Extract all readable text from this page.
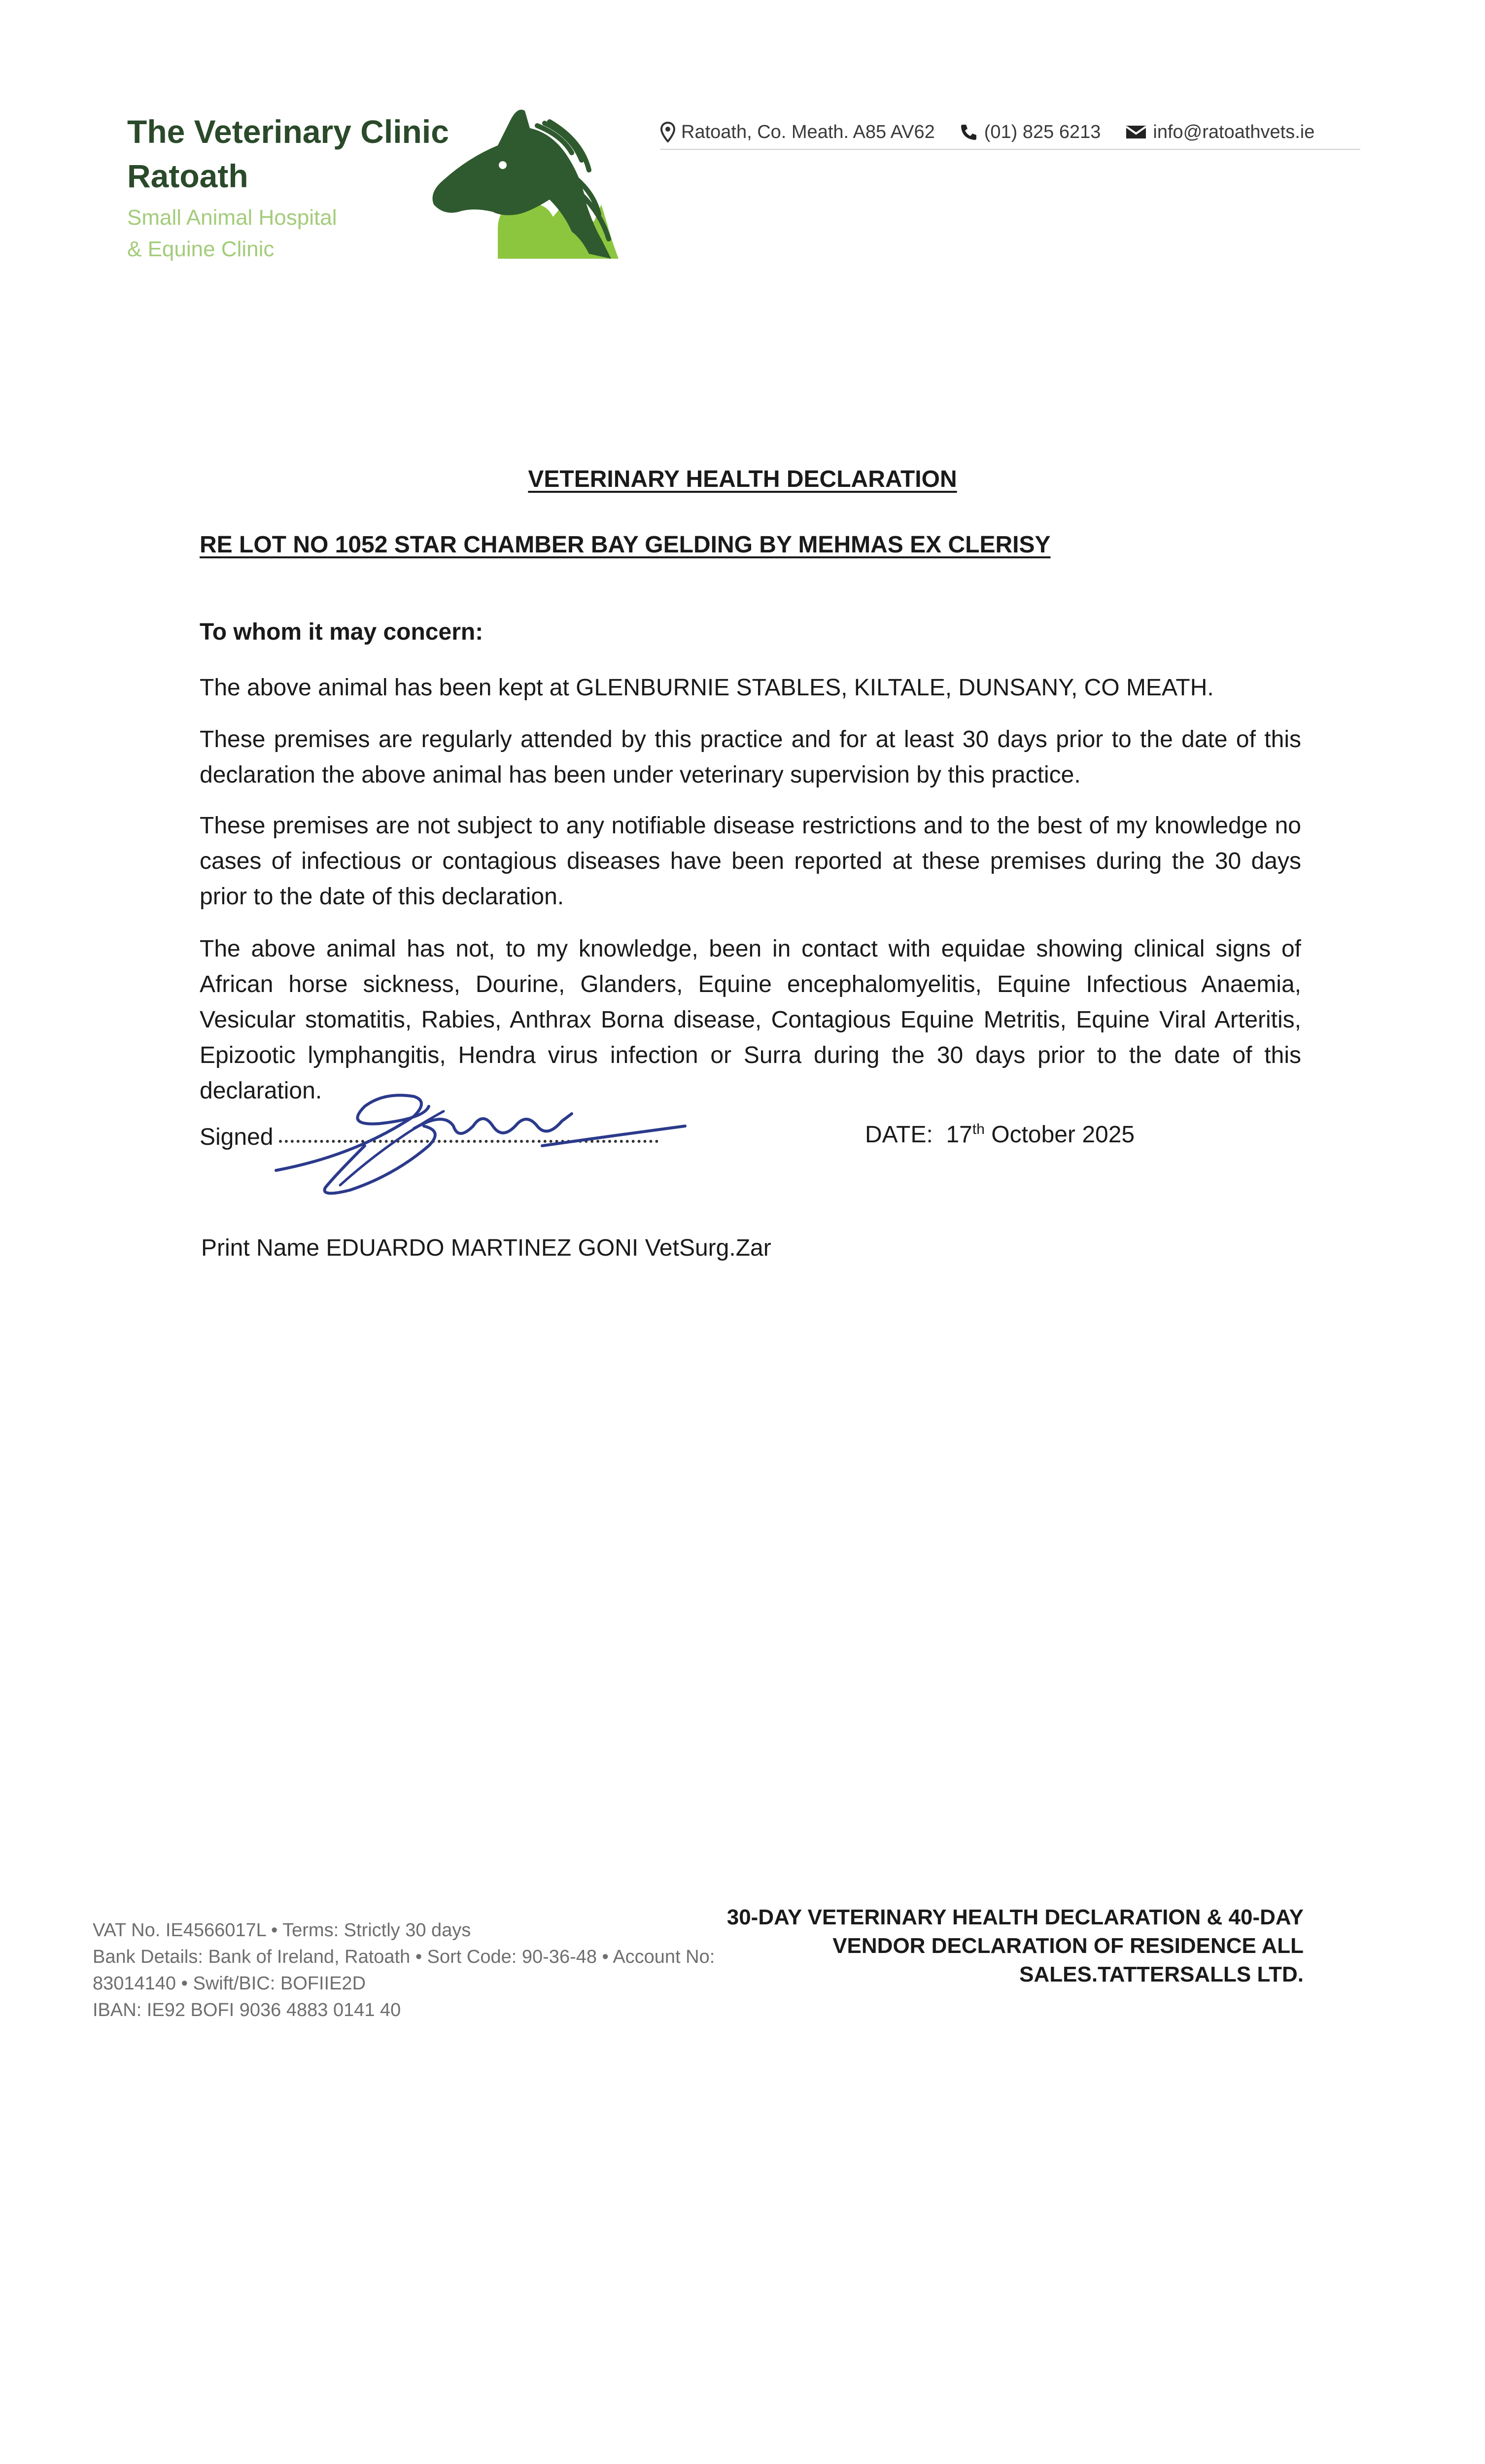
The Veterinary Clinic
Ratoath
Small Animal Hospital
& Equine Clinic
Ratoath, Co. Meath. A85 AV62	(01) 825 6213	info@ratoathvets.ie
VETERINARY HEALTH DECLARATION
RE LOT NO 1052 STAR CHAMBER BAY GELDING BY MEHMAS EX CLERISY
To whom it may concern:
The above animal has been kept at GLENBURNIE STABLES, KILTALE, DUNSANY, CO MEATH.
These premises are regularly attended by this practice and for at least 30 days prior to the date of this declaration the above animal has been under veterinary supervision by this practice.
These premises are not subject to any notifiable disease restrictions and to the best of my knowledge no cases of infectious or contagious diseases have been reported at these premises during the 30 days prior to the date of this declaration.
The above animal has not, to my knowledge, been in contact with equidae showing clinical signs of African horse sickness, Dourine, Glanders, Equine encephalomyelitis, Equine Infectious Anaemia, Vesicular stomatitis, Rabies, Anthrax Borna disease, Contagious Equine Metritis, Equine Viral Arteritis, Epizootic lymphangitis, Hendra virus infection or Surra during the 30 days prior to the date of this declaration.
Signed	DATE: 17th October 2025
Print Name EDUARDO MARTINEZ GONI VetSurg.Zar
VAT No. IE4566017L • Terms: Strictly 30 days
Bank Details: Bank of Ireland, Ratoath • Sort Code: 90-36-48 • Account No: 83014140 • Swift/BIC: BOFIIE2D
IBAN: IE92 BOFI 9036 4883 0141 40
30-DAY VETERINARY HEALTH DECLARATION & 40-DAY
VENDOR DECLARATION OF RESIDENCE ALL SALES.TATTERSALLS LTD.
